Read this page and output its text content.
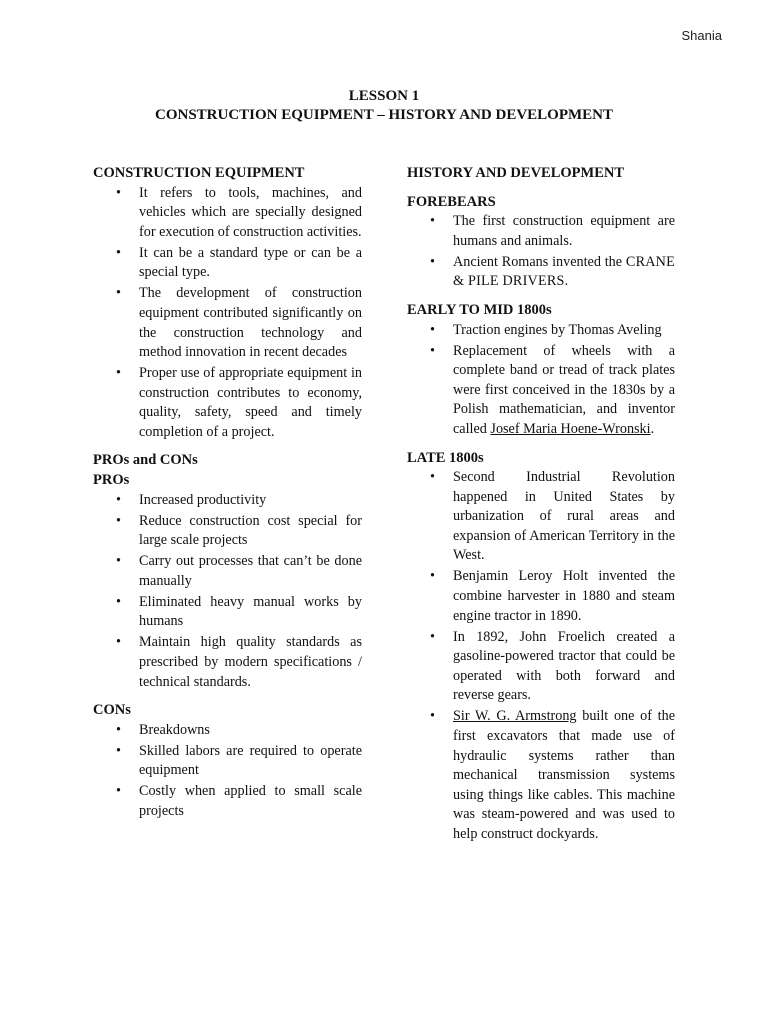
Shania
LESSON 1
CONSTRUCTION EQUIPMENT – HISTORY AND DEVELOPMENT

CONSTRUCTION EQUIPMENT

• It refers to tools, machines, and vehicles which are specially designed for execution of construction activities.
• It can be a standard type or can be a special type.
• The development of construction equipment contributed significantly on the construction technology and method innovation in recent decades
• Proper use of appropriate equipment in construction contributes to economy, quality, safety, speed and timely completion of a project.

PROs and CONs

PROs

• Increased productivity
• Reduce construction cost special for large scale projects
• Carry out processes that can’t be done manually
• Eliminated heavy manual works by humans
• Maintain high quality standards as prescribed by modern specifications / technical standards.

CONs

• Breakdowns
• Skilled labors are required to operate equipment
• Costly when applied to small scale projects

HISTORY AND DEVELOPMENT

FOREBEARS

• The first construction equipment are humans and animals.
• Ancient Romans invented the CRANE & PILE DRIVERS.

EARLY TO MID 1800s

• Traction engines by Thomas Aveling
• Replacement of wheels with a complete band or tread of track plates were first conceived in the 1830s by a Polish mathematician, and inventor called Josef Maria Hoene-Wronski.

LATE 1800s

• Second Industrial Revolution happened in United States by urbanization of rural areas and expansion of American Territory in the West.
• Benjamin Leroy Holt invented the combine harvester in 1880 and steam engine tractor in 1890.
• In 1892, John Froelich created a gasoline-powered tractor that could be operated with both forward and reverse gears.
• Sir W. G. Armstrong built one of the first excavators that made use of hydraulic systems rather than mechanical transmission systems using things like cables. This machine was steam-powered and was used to help construct dockyards.
